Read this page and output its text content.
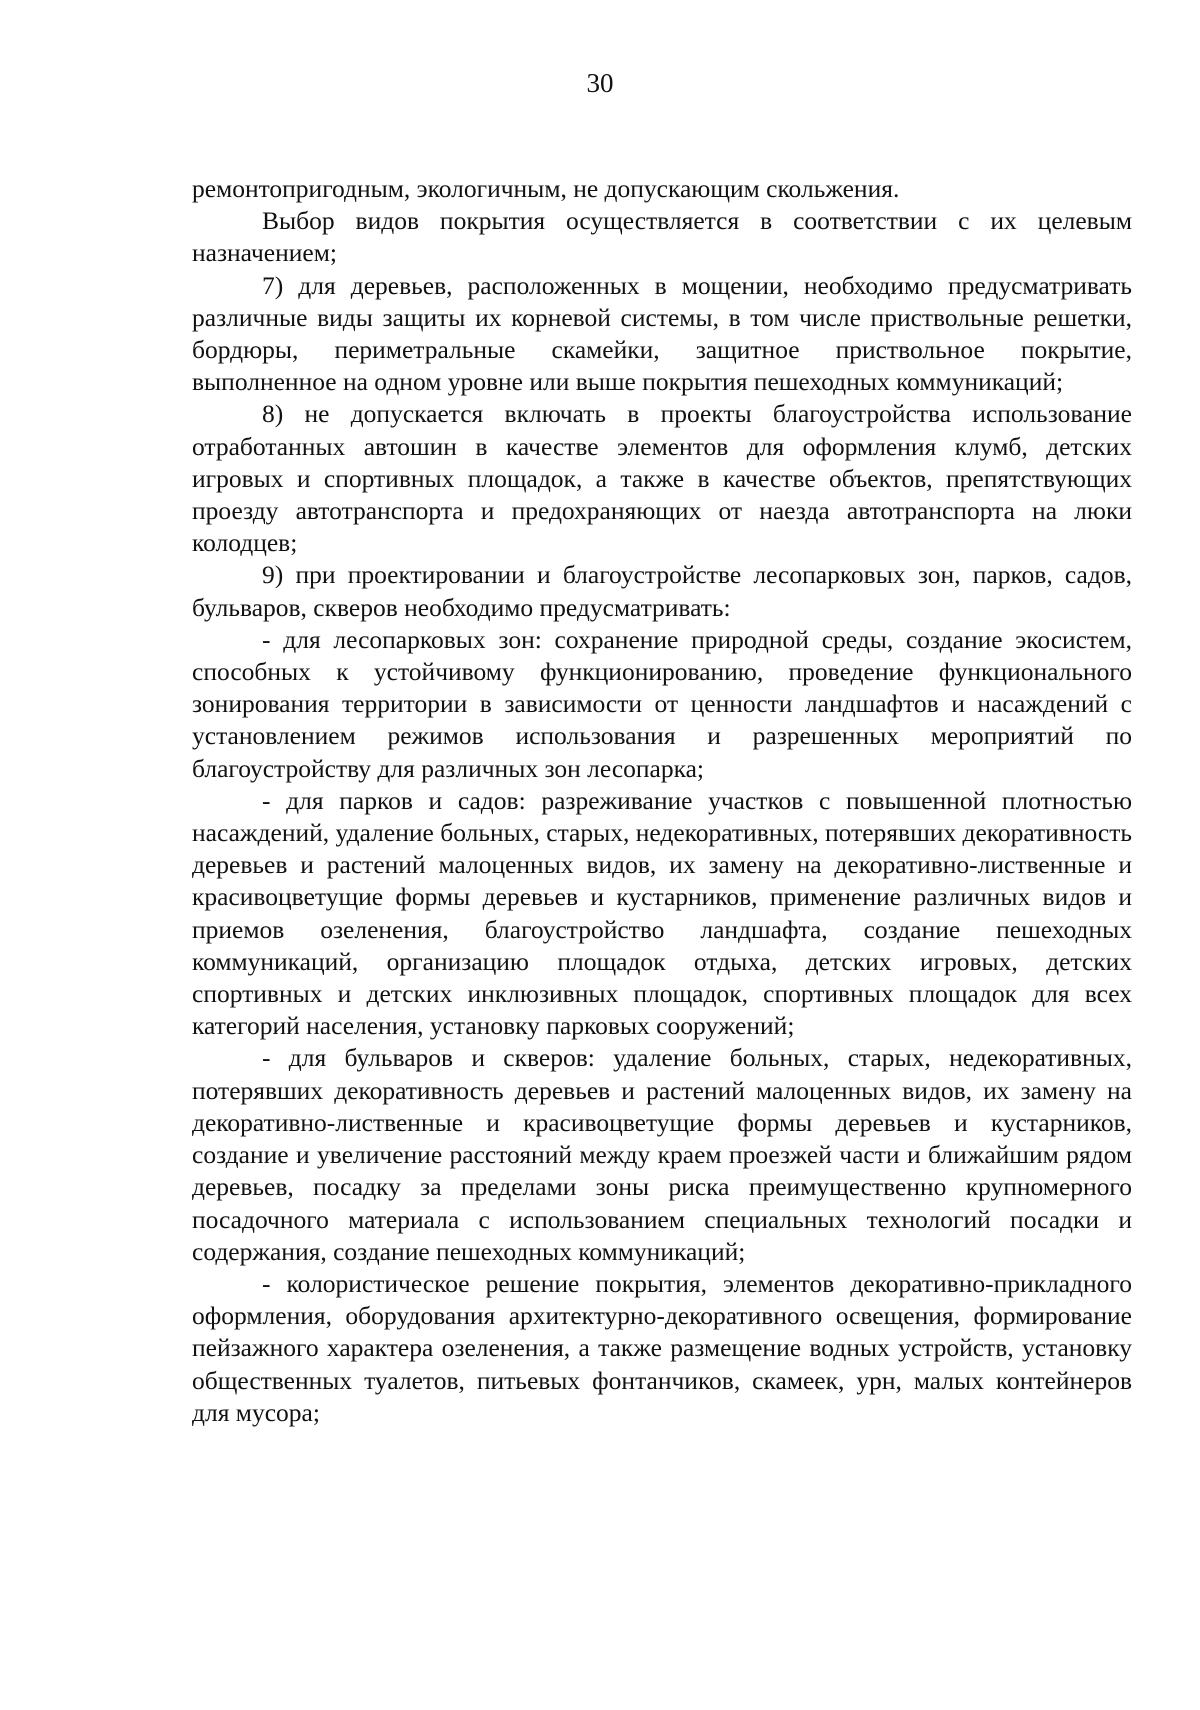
30

ремонтопригодным, экологичным, не допускающим скольжения.

Выбор видов покрытия осуществляется в соответствии с их целевым назначением;

7) для деревьев, расположенных в мощении, необходимо предусматривать различные виды защиты их корневой системы, в том числе приствольные решетки, бордюры, периметральные скамейки, защитное приствольное покрытие, выполненное на одном уровне или выше покрытия пешеходных коммуникаций;

8) не допускается включать в проекты благоустройства использование отработанных автошин в качестве элементов для оформления клумб, детских игровых и спортивных площадок, а также в качестве объектов, препятствующих проезду автотранспорта и предохраняющих от наезда автотранспорта на люки колодцев;

9) при проектировании и благоустройстве лесопарковых зон, парков, садов, бульваров, скверов необходимо предусматривать:

- для лесопарковых зон: сохранение природной среды, создание экосистем, способных к устойчивому функционированию, проведение функционального зонирования территории в зависимости от ценности ландшафтов и насаждений с установлением режимов использования и разрешенных мероприятий по благоустройству для различных зон лесопарка;

- для парков и садов: разреживание участков с повышенной плотностью насаждений, удаление больных, старых, недекоративных, потерявших декоративность деревьев и растений малоценных видов, их замену на декоративно-лиственные и красивоцветущие формы деревьев и кустарников, применение различных видов и приемов озеленения, благоустройство ландшафта, создание пешеходных коммуникаций, организацию площадок отдыха, детских игровых, детских спортивных и детских инклюзивных площадок, спортивных площадок для всех категорий населения, установку парковых сооружений;

- для бульваров и скверов: удаление больных, старых, недекоративных, потерявших декоративность деревьев и растений малоценных видов, их замену на декоративно-лиственные и красивоцветущие формы деревьев и кустарников, создание и увеличение расстояний между краем проезжей части и ближайшим рядом деревьев, посадку за пределами зоны риска преимущественно крупномерного посадочного материала с использованием специальных технологий посадки и содержания, создание пешеходных коммуникаций;

- колористическое решение покрытия, элементов декоративно-прикладного оформления, оборудования архитектурно-декоративного освещения, формирование пейзажного характера озеленения, а также размещение водных устройств, установку общественных туалетов, питьевых фонтанчиков, скамеек, урн, малых контейнеров для мусора;
